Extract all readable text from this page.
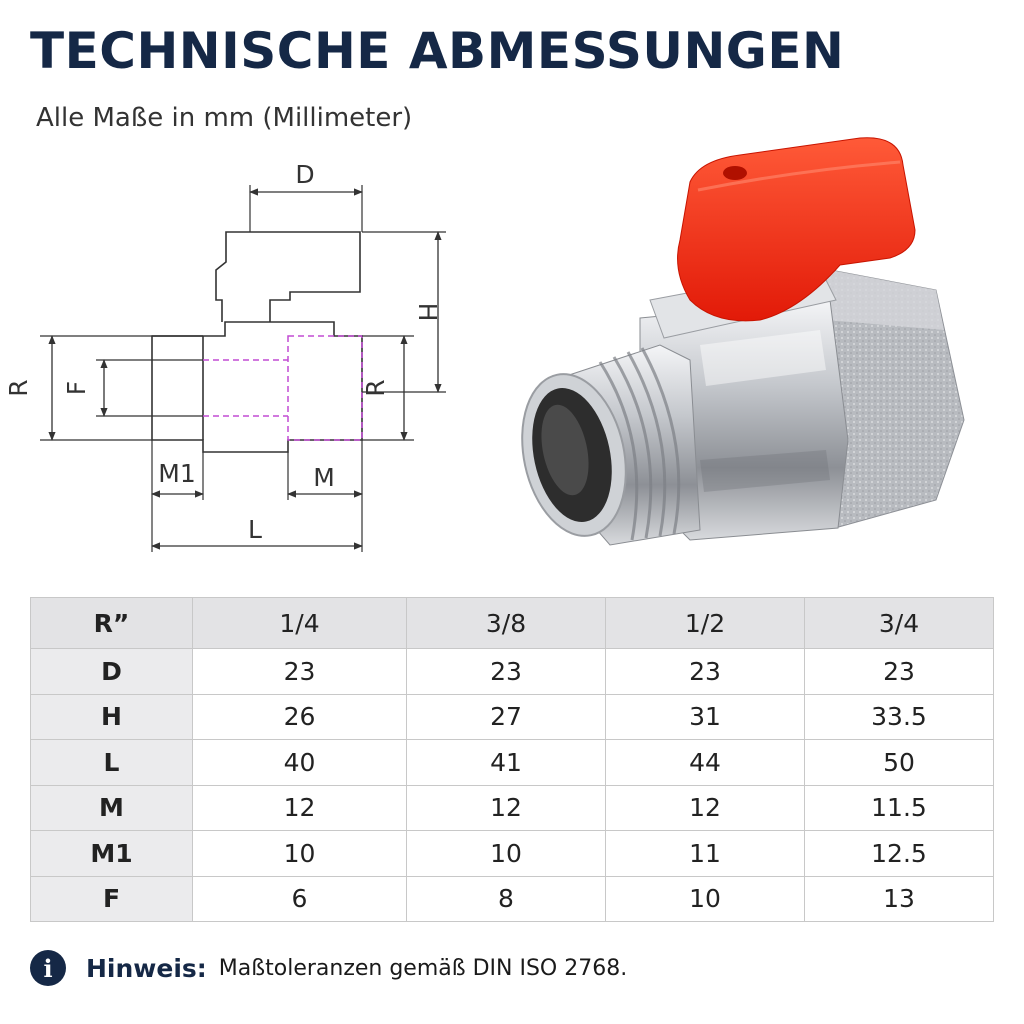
TECHNISCHE ABMESSUNGEN
Alle Maße in mm (Millimeter)
D
H
R F	R
M1	M
L
R”	1/4	3/8	1/2	3/4
D	23	23	23	23
H	26	27	31	33.5
L	40	41	44	50
M	12	12	12	11.5
M1	10	10	11	12.5
F	6	8	10	13
i	Hinweis: Maßtoleranzen gemäß DIN ISO 2768.
